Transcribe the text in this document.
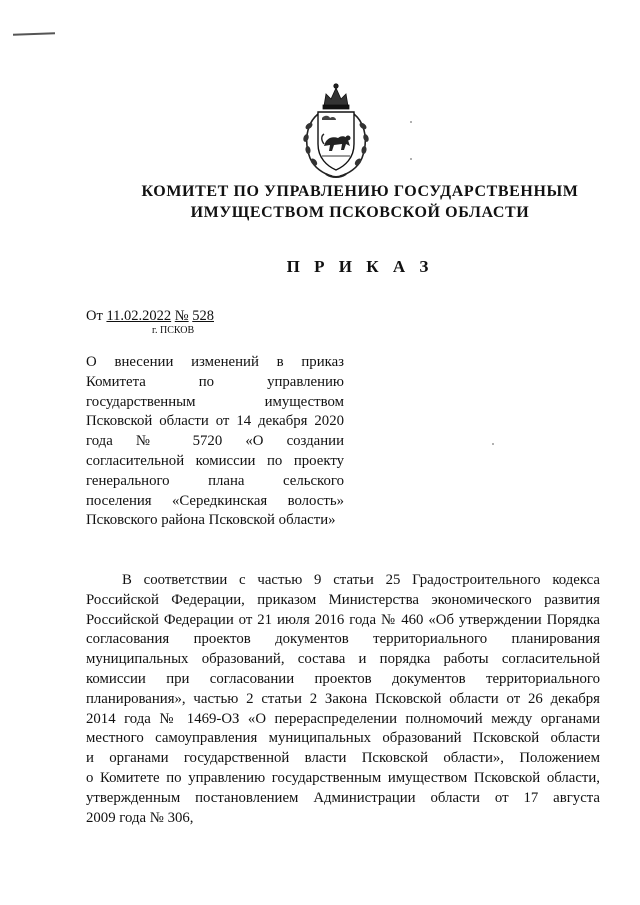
КОМИТЕТ ПО УПРАВЛЕНИЮ ГОСУДАРСТВЕННЫМ
ИМУЩЕСТВОМ ПСКОВСКОЙ ОБЛАСТИ
П Р И К А З
От 11.02.2022 № 528
г. ПСКОВ
О внесении изменений в приказ
Комитета по управлению
государственным имуществом
Псковской области от 14 декабря 2020
года № 5720 «О создании
согласительной комиссии по проекту
генерального плана сельского
поселения «Середкинская волость»
Псковского района Псковской области»
В соответствии с частью 9 статьи 25 Градостроительного кодекса
Российской Федерации, приказом Министерства экономического развития
Российской Федерации от 21 июля 2016 года № 460 «Об утверждении Порядка
согласования проектов документов территориального планирования
муниципальных образований, состава и порядка работы согласительной
комиссии при согласовании проектов документов территориального
планирования», частью 2 статьи 2 Закона Псковской области от 26 декабря
2014 года № 1469-ОЗ «О перераспределении полномочий между органами
местного самоуправления муниципальных образований Псковской области
и органами государственной власти Псковской области», Положением
о Комитете по управлению государственным имуществом Псковской области,
утвержденным постановлением Администрации области от 17 августа
2009 года № 306,
